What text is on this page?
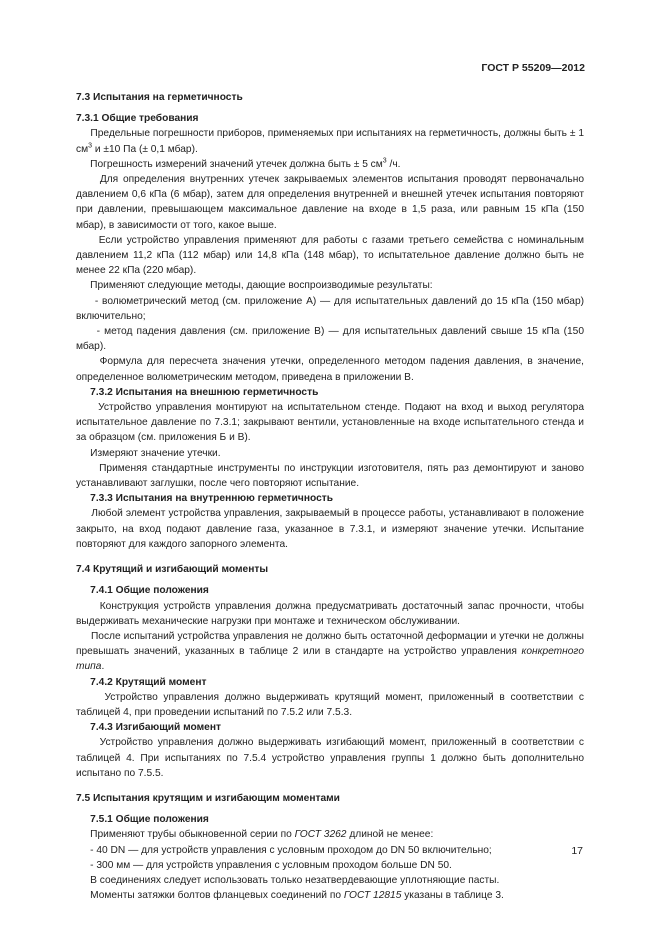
ГОСТ Р 55209—2012

7.3 Испытания на герметичность

7.3.1 Общие требования

Предельные погрешности приборов, применяемых при испытаниях на герметичность, должны быть ± 1 $см^3$ и ±10 Па (± 0,1 мбар).

Погрешность измерений значений утечек должна быть ± 5 $см^3$ /ч.

Для определения внутренних утечек закрываемых элементов испытания проводят первоначально давлением 0,6 кПа (6 мбар), затем для определения внутренней и внешней утечек испытания повторяют при давлении, превышающем максимальное давление на входе в 1,5 раза, или равным 15 кПа (150 мбар), в зависимости от того, какое выше.

Если устройство управления применяют для работы с газами третьего семейства с номинальным давлением 11,2 кПа (112 мбар) или 14,8 кПа (148 мбар), то испытательное давление должно быть не менее 22 кПа (220 мбар).

Применяют следующие методы, дающие воспроизводимые результаты:

- волюметрический метод (см. приложение А) — для испытательных давлений до 15 кПа (150 мбар) включительно;

- метод падения давления (см. приложение В) — для испытательных давлений свыше 15 кПа (150 мбар).

Формула для пересчета значения утечки, определенного методом падения давления, в значение, определенное волюметрическим методом, приведена в приложении В.

7.3.2 Испытания на внешнюю герметичность

Устройство управления монтируют на испытательном стенде. Подают на вход и выход регулятора испытательное давление по 7.3.1; закрывают вентили, установленные на входе испытательного стенда и за образцом (см. приложения Б и В).

Измеряют значение утечки.

Применяя стандартные инструменты по инструкции изготовителя, пять раз демонтируют и заново устанавливают заглушки, после чего повторяют испытание.

7.3.3 Испытания на внутреннюю герметичность

Любой элемент устройства управления, закрываемый в процессе работы, устанавливают в положение закрыто, на вход подают давление газа, указанное в 7.3.1, и измеряют значение утечки. Испытание повторяют для каждого запорного элемента.

7.4 Крутящий и изгибающий моменты

7.4.1 Общие положения

Конструкция устройств управления должна предусматривать достаточный запас прочности, чтобы выдерживать механические нагрузки при монтаже и техническом обслуживании.

После испытаний устройства управления не должно быть остаточной деформации и утечки не должны превышать значений, указанных в таблице 2 или в стандарте на устройство управления конкретного типа.

7.4.2 Крутящий момент

Устройство управления должно выдерживать крутящий момент, приложенный в соответствии с таблицей 4, при проведении испытаний по 7.5.2 или 7.5.3.

7.4.3 Изгибающий момент

Устройство управления должно выдерживать изгибающий момент, приложенный в соответствии с таблицей 4. При испытаниях по 7.5.4 устройство управления группы 1 должно быть дополнительно испытано по 7.5.5.

7.5 Испытания крутящим и изгибающим моментами

7.5.1 Общие положения

Применяют трубы обыкновенной серии по ГОСТ 3262 длиной не менее:

- 40 DN — для устройств управления с условным проходом до DN 50 включительно;

- 300 мм — для устройств управления с условным проходом больше DN 50.

В соединениях следует использовать только незатвердевающие уплотняющие пасты.

Моменты затяжки болтов фланцевых соединений по ГОСТ 12815 указаны в таблице 3.

17
